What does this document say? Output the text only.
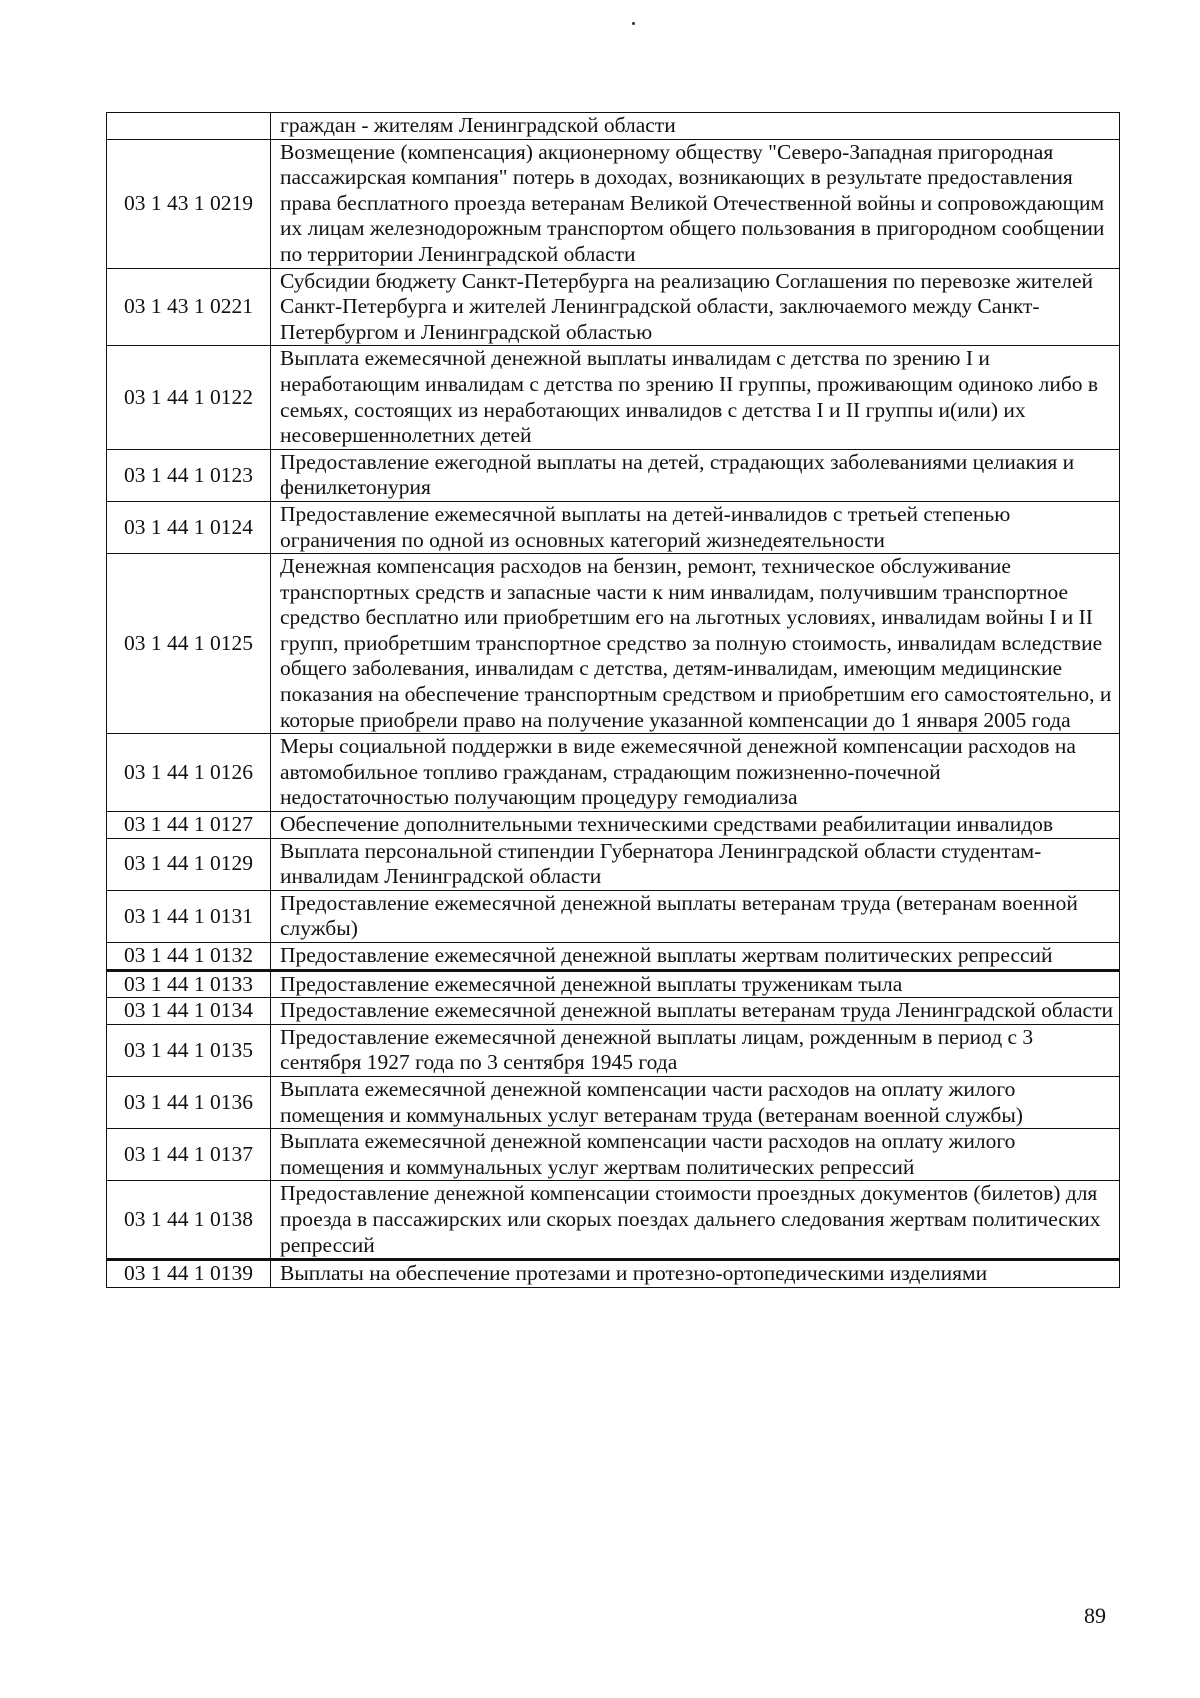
	граждан - жителям Ленинградской области
03 1 43 1 0219	Возмещение (компенсация) акционерному обществу "Северо-Западная пригородная пассажирская компания" потерь в доходах, возникающих в результате предоставления права бесплатного проезда ветеранам Великой Отечественной войны и сопровождающим их лицам железнодорожным транспортом общего пользования в пригородном сообщении по территории Ленинградской области
03 1 43 1 0221	Субсидии бюджету Санкт-Петербурга на реализацию Соглашения по перевозке жителей Санкт-Петербурга и жителей Ленинградской области, заключаемого между Санкт-Петербургом и Ленинградской областью
03 1 44 1 0122	Выплата ежемесячной денежной выплаты инвалидам с детства по зрению I и неработающим инвалидам с детства по зрению II группы, проживающим одиноко либо в семьях, состоящих из неработающих инвалидов с детства I и II группы и(или) их несовершеннолетних детей
03 1 44 1 0123	Предоставление ежегодной выплаты на детей, страдающих заболеваниями целиакия и фенилкетонурия
03 1 44 1 0124	Предоставление ежемесячной выплаты на детей-инвалидов с третьей степенью ограничения по одной из основных категорий жизнедеятельности
03 1 44 1 0125	Денежная компенсация расходов на бензин, ремонт, техническое обслуживание транспортных средств и запасные части к ним инвалидам, получившим транспортное средство бесплатно или приобретшим его на льготных условиях, инвалидам войны I и II групп, приобретшим транспортное средство за полную стоимость, инвалидам вследствие общего заболевания, инвалидам с детства, детям-инвалидам, имеющим медицинские показания на обеспечение транспортным средством и приобретшим его самостоятельно, и которые приобрели право на получение указанной компенсации до 1 января 2005 года
03 1 44 1 0126	Меры социальной поддержки в виде ежемесячной денежной компенсации расходов на автомобильное топливо гражданам, страдающим пожизненно-почечной недостаточностью получающим процедуру гемодиализа
03 1 44 1 0127	Обеспечение дополнительными техническими средствами реабилитации инвалидов
03 1 44 1 0129	Выплата персональной стипендии Губернатора Ленинградской области студентам-инвалидам Ленинградской области
03 1 44 1 0131	Предоставление ежемесячной денежной выплаты ветеранам труда (ветеранам военной службы)
03 1 44 1 0132	Предоставление ежемесячной денежной выплаты жертвам политических репрессий
03 1 44 1 0133	Предоставление ежемесячной денежной выплаты труженикам тыла
03 1 44 1 0134	Предоставление ежемесячной денежной выплаты ветеранам труда Ленинградской области
03 1 44 1 0135	Предоставление ежемесячной денежной выплаты лицам, рожденным в период с 3 сентября 1927 года по 3 сентября 1945 года
03 1 44 1 0136	Выплата ежемесячной денежной компенсации части расходов на оплату жилого помещения и коммунальных услуг ветеранам труда (ветеранам военной службы)
03 1 44 1 0137	Выплата ежемесячной денежной компенсации части расходов на оплату жилого помещения и коммунальных услуг жертвам политических репрессий
03 1 44 1 0138	Предоставление денежной компенсации стоимости проездных документов (билетов) для проезда в пассажирских или скорых поездах дальнего следования жертвам политических репрессий
03 1 44 1 0139	Выплаты на обеспечение протезами и протезно-ортопедическими изделиями
89
